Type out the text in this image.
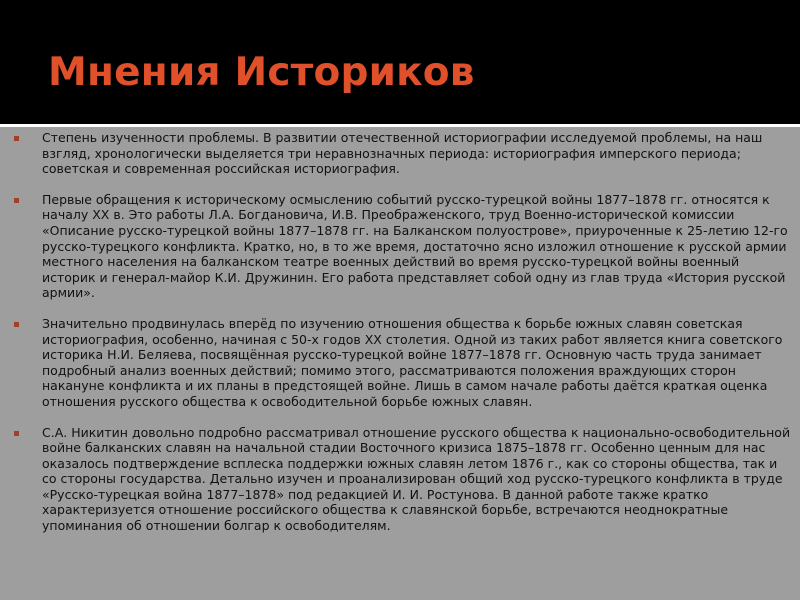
Мнения Историков

Степень изученности проблемы. В развитии отечественной историографии исследуемой проблемы, на наш взгляд, хронологически выделяется три неравнозначных периода: историография имперского периода; советская и современная российская историография.

Первые обращения к историческому осмыслению событий русско-турецкой войны 1877–1878 гг. относятся к началу XX в. Это работы Л.А. Богдановича, И.В. Преображенского, труд Военно-исторической комиссии «Описание русско-турецкой войны 1877–1878 гг. на Балканском полуострове», приуроченные к 25-летию 12-го русско-турецкого конфликта. Кратко, но, в то же время, достаточно ясно изложил отношение к русской армии местного населения на балканском театре военных действий во время русско-турецкой войны военный историк и генерал-майор К.И. Дружинин. Его работа представляет собой одну из глав труда «История русской армии».

Значительно продвинулась вперёд по изучению отношения общества к борьбе южных славян советская историография, особенно, начиная с 50-х годов XX столетия. Одной из таких работ является книга советского историка Н.И. Беляева, посвящённая русско-турецкой войне 1877–1878 гг. Основную часть труда занимает подробный анализ военных действий; помимо этого, рассматриваются положения враждующих сторон накануне конфликта и их планы в предстоящей войне. Лишь в самом начале работы даётся краткая оценка отношения русского общества к освободительной борьбе южных славян.

С.А. Никитин довольно подробно рассматривал отношение русского общества к национально-освободительной войне балканских славян на начальной стадии Восточного кризиса 1875–1878 гг. Особенно ценным для нас оказалось подтверждение всплеска поддержки южных славян летом 1876 г., как со стороны общества, так и со стороны государства. Детально изучен и проанализирован общий ход русско-турецкого конфликта в труде «Русско-турецкая война 1877–1878» под редакцией И. И. Ростунова. В данной работе также кратко характеризуется отношение российского общества к славянской борьбе, встречаются неоднократные упоминания об отношении болгар к освободителям.
